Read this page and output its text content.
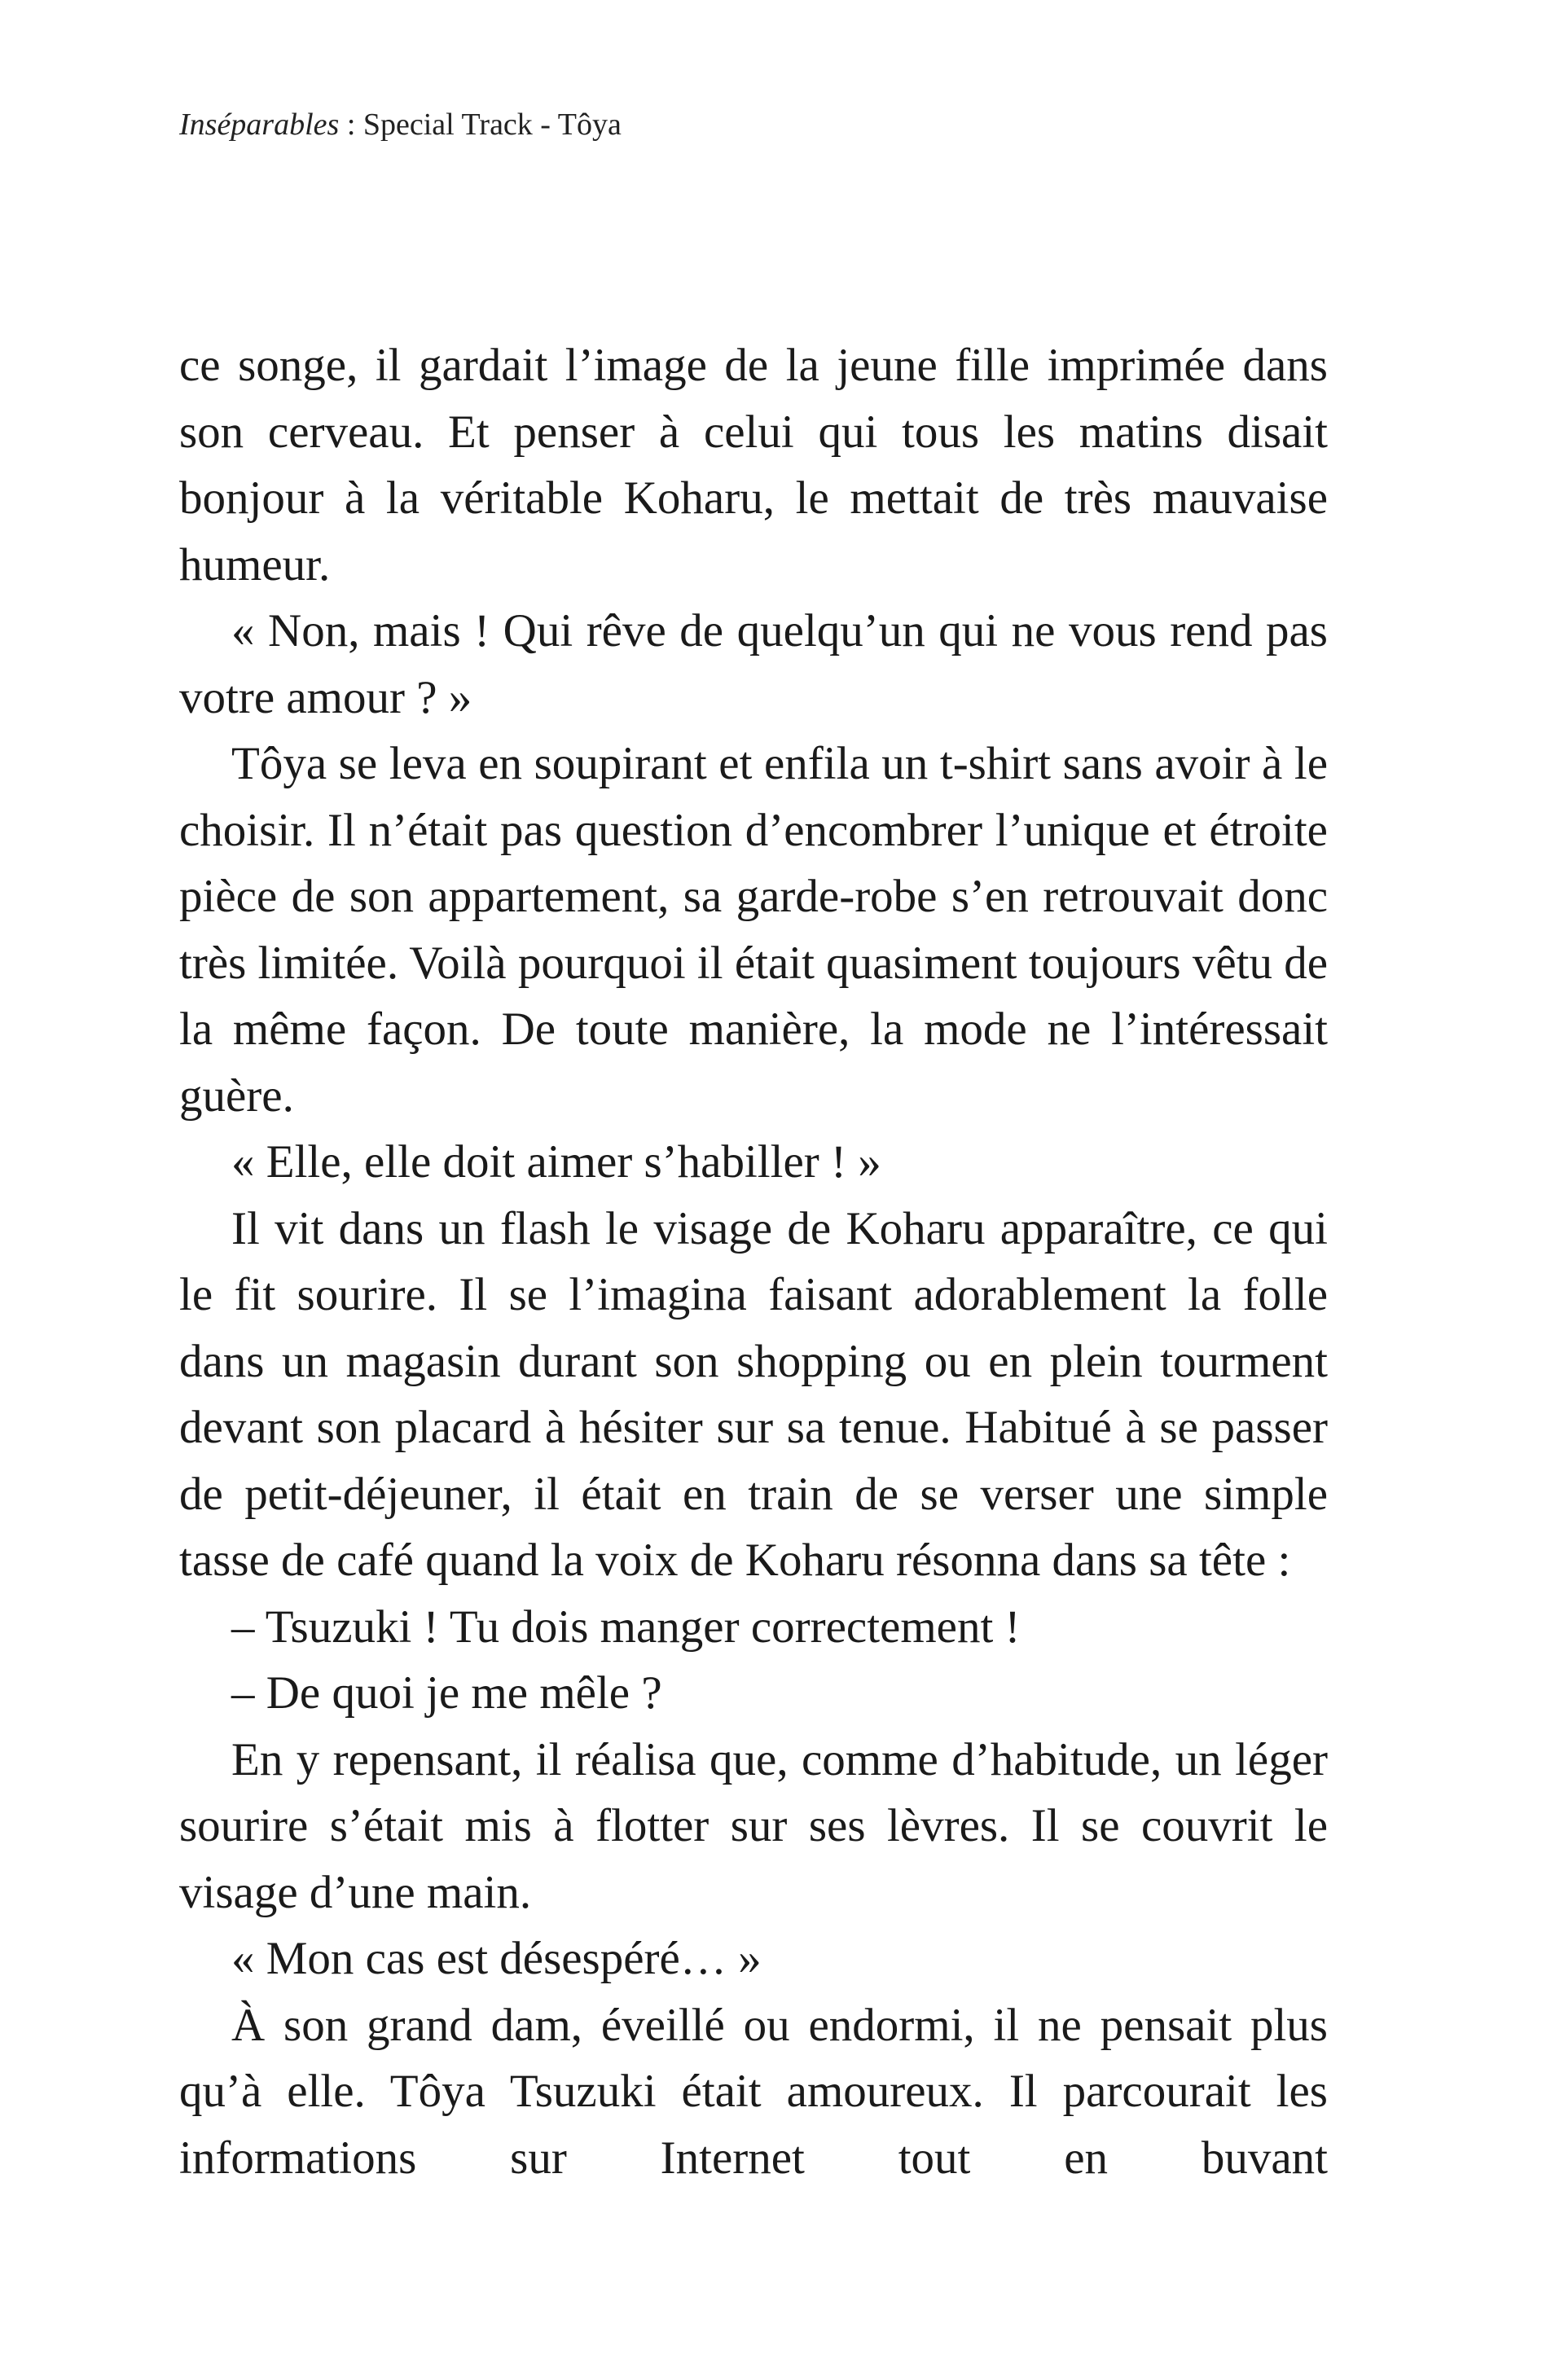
Inséparables : Special Track - Tôya

ce songe, il gardait l’image de la jeune fille imprimée dans son cerveau. Et penser à celui qui tous les matins disait bonjour à la véritable Koharu, le mettait de très mauvaise humeur.

« Non, mais ! Qui rêve de quelqu’un qui ne vous rend pas votre amour ? »

Tôya se leva en soupirant et enfila un t-shirt sans avoir à le choisir. Il n’était pas question d’encombrer l’unique et étroite pièce de son appartement, sa garde-robe s’en retrouvait donc très limitée. Voilà pourquoi il était quasiment toujours vêtu de la même façon. De toute manière, la mode ne l’intéressait guère.

« Elle, elle doit aimer s’habiller ! »

Il vit dans un flash le visage de Koharu apparaître, ce qui le fit sourire. Il se l’imagina faisant adorablement la folle dans un magasin durant son shopping ou en plein tourment devant son placard à hésiter sur sa tenue. Habitué à se passer de petit-déjeuner, il était en train de se verser une simple tasse de café quand la voix de Koharu résonna dans sa tête :

– Tsuzuki ! Tu dois manger correctement !

– De quoi je me mêle ?

En y repensant, il réalisa que, comme d’habitude, un léger sourire s’était mis à flotter sur ses lèvres. Il se couvrit le visage d’une main.

« Mon cas est désespéré… »

À son grand dam, éveillé ou endormi, il ne pensait plus qu’à elle. Tôya Tsuzuki était amoureux. Il parcourait les informations sur Internet tout en buvant
